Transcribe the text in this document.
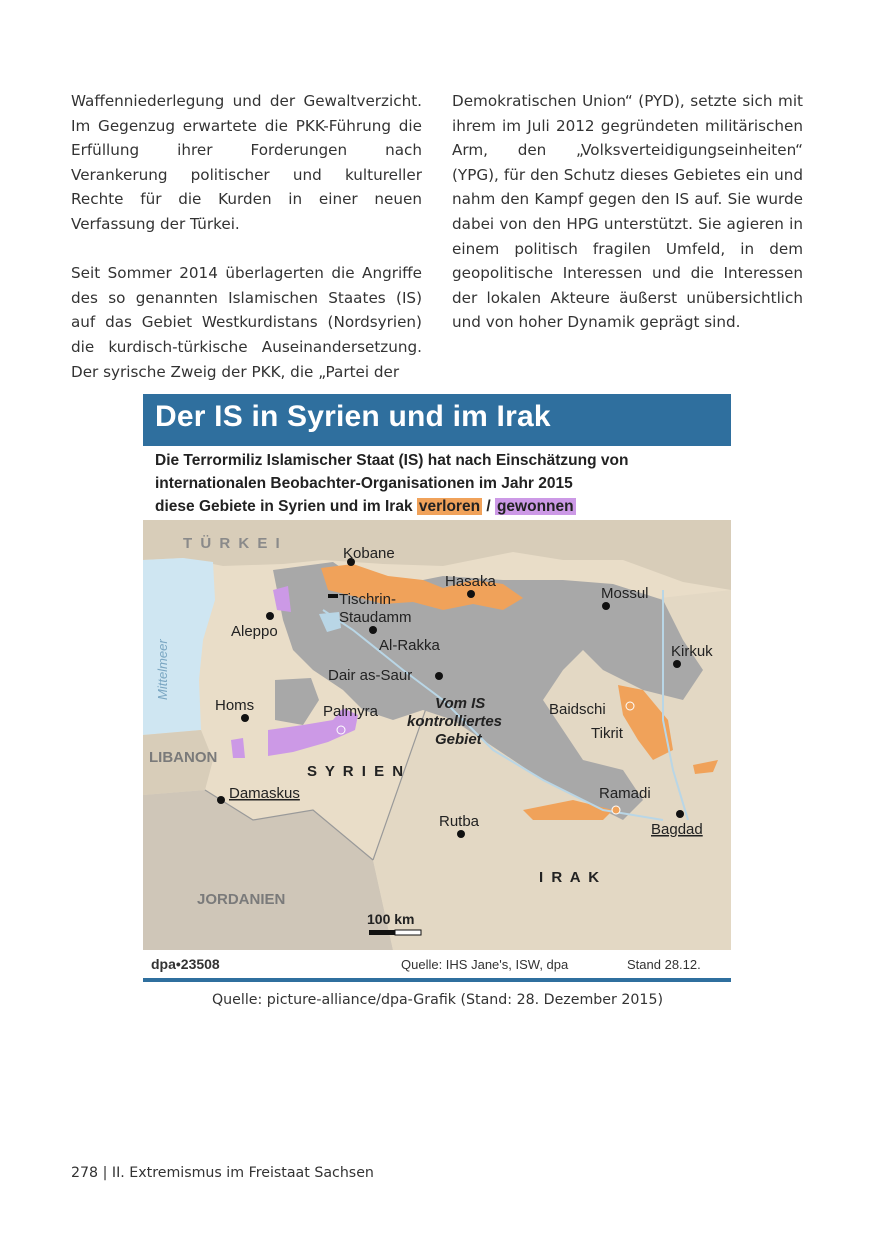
Waffenniederlegung und der Gewaltverzicht. Im Gegenzug erwartete die PKK-Führung die Erfüllung ihrer Forderungen nach Verankerung politischer und kultureller Rechte für die Kurden in einer neuen Verfassung der Türkei.

Seit Sommer 2014 überlagerten die Angriffe des so genannten Islamischen Staates (IS) auf das Gebiet Westkurdistans (Nordsyrien) die kurdisch-türkische Auseinandersetzung. Der syrische Zweig der PKK, die „Partei der

Demokratischen Union“ (PYD), setzte sich mit ihrem im Juli 2012 gegründeten militärischen Arm, den „Volksverteidigungseinheiten“ (YPG), für den Schutz dieses Gebietes ein und nahm den Kampf gegen den IS auf. Sie wurde dabei von den HPG unterstützt. Sie agieren in einem politisch fragilen Umfeld, in dem geopolitische Interessen und die Interessen der lokalen Akteure äußerst unübersichtlich und von hoher Dynamik geprägt sind.

Der IS in Syrien und im Irak
Die Terrormiliz Islamischer Staat (IS) hat nach Einschätzung von
internationalen Beobachter-Organisationen im Jahr 2015
diese Gebiete in Syrien und im Irak verloren / gewonnen
T Ü R K E I
Kobane
Hasaka
Mossul
Tischrin-
Staudamm
Aleppo
Al-Rakka
Mittelmeer	Kirkuk
Dair as-Saur
Homs	Vom IS
kontrolliertes
Gebiet
Palmyra	Baidschi
Tikrit
LIBANON
S Y R I E N
Damaskus	Ramadi
Rutba	Bagdad
I R A K
JORDANIEN
100 km
dpa•23508	Quelle: IHS Jane's, ISW, dpa	Stand 28.12.
Quelle: picture-alliance/dpa-Grafik (Stand: 28. Dezember 2015)
278 | II. Extremismus im Freistaat Sachsen
